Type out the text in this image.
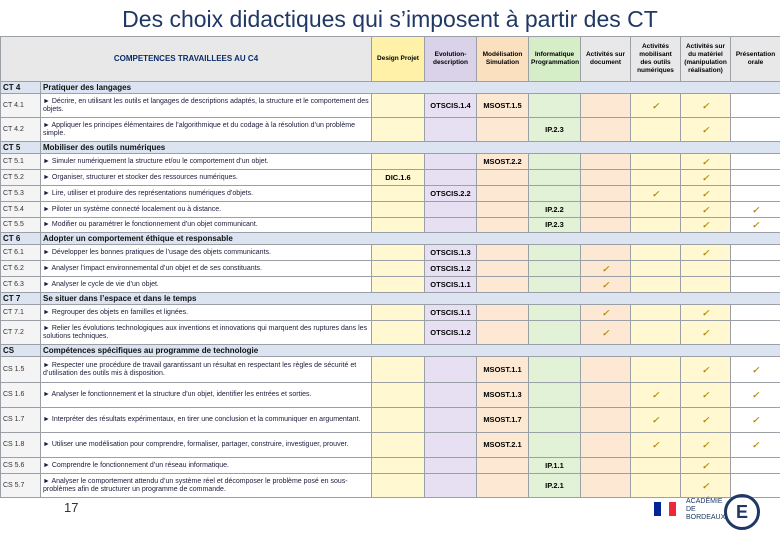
Des choix didactiques qui s’imposent à partir des CT
COMPETENCES TRAVAILLEES AU C4		Design Projet	Evolution-description	Modélisation Simulation	Informatique Programmation	Activités sur document	Activités mobilisant des outils numériques	Activités sur du matériel (manipulation réalisation)	Présentation orale	
CT 4	Pratiquer des langages									
CT 4.1	► Décrire, en utilisant les outils et langages de descriptions adaptés, la structure et le comportement des objets.		OTSCIS.1.4	MSOST.1.5			✓	✓		
CT 4.2	► Appliquer les principes élémentaires de l’algorithmique et du codage à la résolution d’un problème simple.				IP.2.3			✓		
CT 5	Mobiliser des outils numériques									
CT 5.1	► Simuler numériquement la structure et/ou le comportement d’un objet.			MSOST.2.2				✓		
CT 5.2	► Organiser, structurer et stocker des ressources numériques.	DIC.1.6						✓		
CT 5.3	► Lire, utiliser et produire des représentations numériques d’objets.		OTSCIS.2.2				✓	✓		
CT 5.4	► Piloter un système connecté localement ou à distance.				IP.2.2			✓	✓	
CT 5.5	► Modifier ou paramétrer le fonctionnement d’un objet communicant.				IP.2.3			✓	✓	
CT 6	Adopter un comportement éthique et responsable									
CT 6.1	► Développer les bonnes pratiques de l’usage des objets communicants.		OTSCIS.1.3					✓		
CT 6.2	► Analyser l’impact environnemental d’un objet et de ses constituants.		OTSCIS.1.2			✓				
CT 6.3	► Analyser le cycle de vie d’un objet.		OTSCIS.1.1			✓				
CT 7	Se situer dans l’espace et dans le temps									
CT 7.1	► Regrouper des objets en familles et lignées.		OTSCIS.1.1			✓		✓		
CT 7.2	► Relier les évolutions technologiques aux inventions et innovations qui marquent des ruptures dans les solutions techniques.		OTSCIS.1.2			✓		✓		
CS	Compétences spécifiques au programme de technologie									
CS 1.5	► Respecter une procédure de travail garantissant un résultat en respectant les règles de sécurité et d’utilisation des outils mis à disposition.			MSOST.1.1				✓	✓	
CS 1.6	► Analyser le fonctionnement et la structure d’un objet, identifier les entrées et sorties.			MSOST.1.3			✓	✓	✓	
CS 1.7	► Interpréter des résultats expérimentaux, en tirer une conclusion et la communiquer en argumentant.			MSOST.1.7			✓	✓	✓	
CS 1.8	► Utiliser une modélisation pour comprendre, formaliser, partager, construire, investiguer, prouver.			MSOST.2.1			✓	✓	✓	
CS 5.6	► Comprendre le fonctionnement d’un réseau informatique.				IP.1.1			✓		
CS 5.7	► Analyser le comportement attendu d’un système réel et décomposer le problème posé en sous-problèmes afin de structurer un programme de commande.				IP.2.1			✓		
17	ACADÉMIE
DE BORDEAUX E
